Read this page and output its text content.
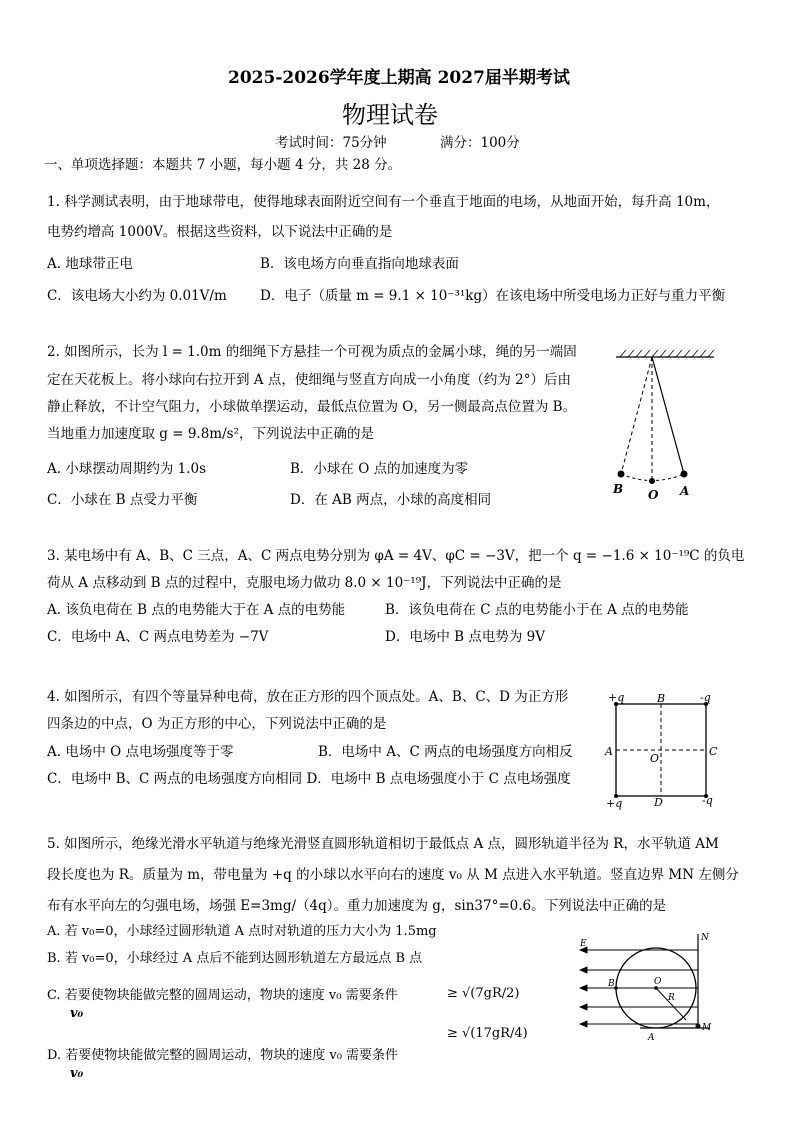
2025-2026学年度上期高 2027届半期考试
物理试卷
考试时间：75分钟	满分：100分
一、单项选择题：本题共 7 小题，每小题 4 分，共 28 分。
1. 科学测试表明，由于地球带电，使得地球表面附近空间有一个垂直于地面的电场，从地面开始，每升高 10m，
电势约增高 1000V。根据这些资料，以下说法中正确的是
A. 地球带正电	B．该电场方向垂直指向地球表面
C．该电场大小约为 0.01V/m D．电子（质量 m = 9.1 × 10⁻³¹kg）在该电场中所受电场力正好与重力平衡
2. 如图所示，长为 l = 1.0m 的细绳下方悬挂一个可视为质点的金属小球，绳的另一端固
定在天花板上。将小球向右拉开到 A 点，使细绳与竖直方向成一小角度（约为 2°）后由
静止释放，不计空气阻力，小球做单摆运动，最低点位置为 O，另一侧最高点位置为 B。
当地重力加速度取 g = 9.8m/s²，下列说法中正确的是
A. 小球摆动周期约为 1.0s	B．小球在 O 点的加速度为零
C．小球在 B 点受力平衡	D．在 AB 两点，小球的高度相同
B O A
3. 某电场中有 A、B、C 三点，A、C 两点电势分别为 φA = 4V、φC = −3V，把一个 q = −1.6 × 10⁻¹⁹C 的负电
荷从 A 点移动到 B 点的过程中，克服电场力做功 8.0 × 10⁻¹⁹J，下列说法中正确的是
A. 该负电荷在 B 点的电势能大于在 A 点的电势能	B．该负电荷在 C 点的电势能小于在 A 点的电势能
C．电场中 A、C 两点电势差为 −7V	D．电场中 B 点电势为 9V
4. 如图所示，有四个等量异种电荷，放在正方形的四个顶点处。A、B、C、D 为正方形
四条边的中点，O 为正方形的中心，下列说法中正确的是
A. 电场中 O 点电场强度等于零	B．电场中 A、C 两点的电场强度方向相反
C．电场中 B、C 两点的电场强度方向相同 D．电场中 B 点电场强度小于 C 点电场强度
+q	-q
+q	-q
B
A	C
D
O
5. 如图所示，绝缘光滑水平轨道与绝缘光滑竖直圆形轨道相切于最低点 A 点，圆形轨道半径为 R，水平轨道 AM
段长度也为 R。质量为 m，带电量为 +q 的小球以水平向右的速度 v₀ 从 M 点进入水平轨道。竖直边界 MN 左侧分
布有水平向左的匀强电场，场强 E=3mg/（4q）。重力加速度为 g，sin37°=0.6。下列说法中正确的是
A. 若 v₀=0，小球经过圆形轨道 A 点时对轨道的压力大小为 1.5mg
B. 若 v₀=0，小球经过 A 点后不能到达圆形轨道左方最远点 B 点
C. 若要使物块能做完整的圆周运动，物块的速度 v₀ 需要条件
v₀
≥ √(7gR/2)
≥ √(17gR/4)
D. 若要使物块能做完整的圆周运动，物块的速度 v₀ 需要条件
v₀
E
N
B	O
R
A
M
